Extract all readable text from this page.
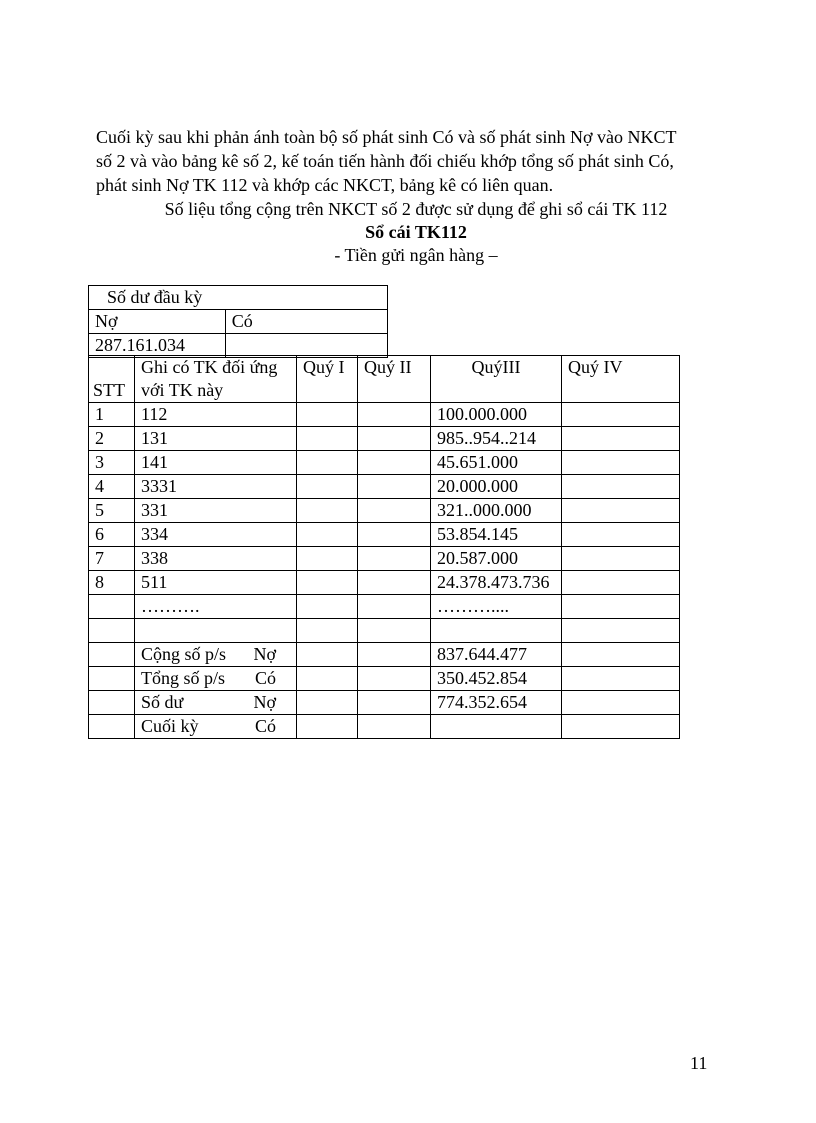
Cuối kỳ sau khi phản ánh toàn bộ số phát sinh Có và số phát sinh Nợ vào NKCT

số 2 và vào bảng kê số 2, kế toán tiến hành đối chiếu khớp tổng số phát sinh Có,

phát sinh Nợ TK 112 và khớp các NKCT, bảng kê có liên quan.

Số liệu tổng cộng trên NKCT số 2 được sử dụng để ghi sổ cái TK 112
Sổ cái TK112
- Tiền gửi ngân hàng –
Số dư đầu kỳ	
Nợ	Có
287.161.034	
STT	Ghi có TK đối ứng
với TK này	Quý I	Quý II	QuýIII	Quý IV
1	112			100.000.000	
2	131			985..954..214	
3	141			45.651.000	
4	3331			20.000.000	
5	331			321..000.000	
6	334			53.854.145	
7	338			20.587.000	
8	511			24.378.473.736	
	……….			………....	

	Cộng số p/s Nợ			837.644.477	

	Tổng số p/s Có			350.452.854	

	Số dư Nợ			774.352.654	

	Cuối kỳ Có				

11
